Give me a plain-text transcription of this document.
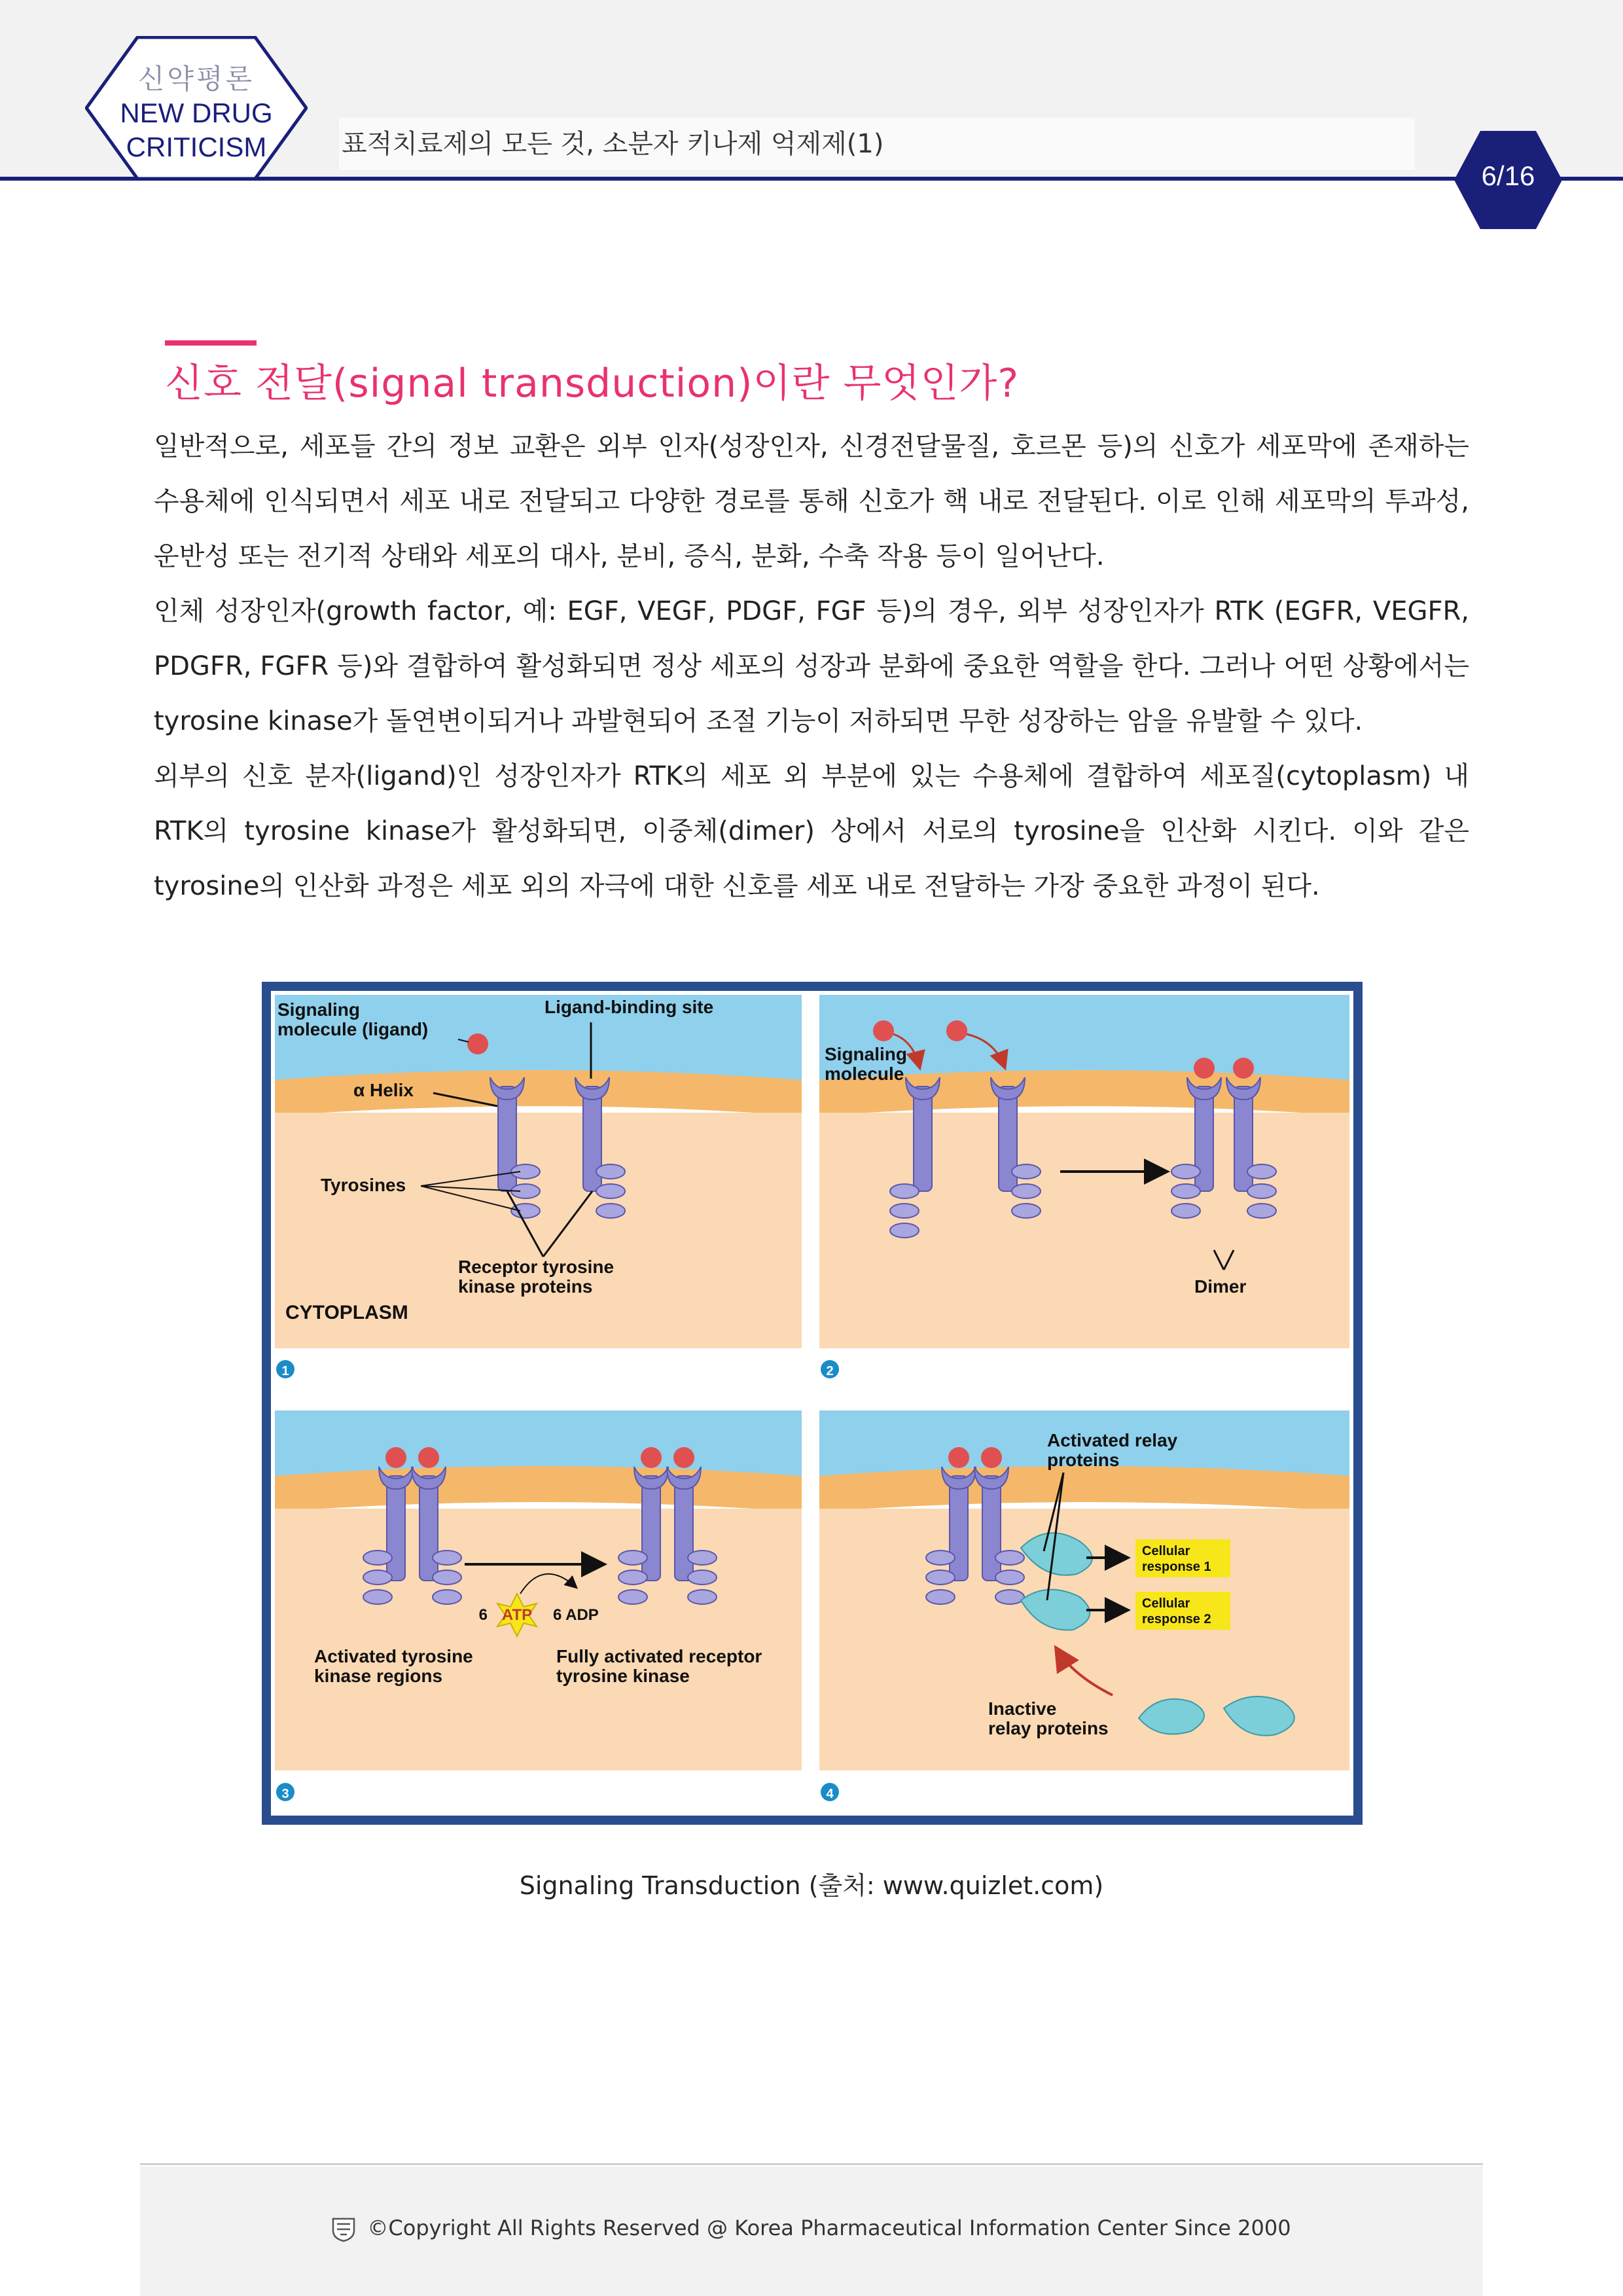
신약평론
NEW DRUG
CRITICISM	표적치료제의 모든 것, 소분자 키나제 억제제(1)
6/16
신호 전달(signal transduction)이란 무엇인가?

일반적으로, 세포들 간의 정보 교환은 외부 인자(성장인자, 신경전달물질, 호르몬 등)의 신호가 세포막에 존재하는 수용체에 인식되면서 세포 내로 전달되고 다양한 경로를 통해 신호가 핵 내로 전달된다. 이로 인해 세포막의 투과성, 운반성 또는 전기적 상태와 세포의 대사, 분비, 증식, 분화, 수축 작용 등이 일어난다.

인체 성장인자(growth factor, 예: EGF, VEGF, PDGF, FGF 등)의 경우, 외부 성장인자가 RTK (EGFR, VEGFR, PDGFR, FGFR 등)와 결합하여 활성화되면 정상 세포의 성장과 분화에 중요한 역할을 한다. 그러나 어떤 상황에서는 tyrosine kinase가 돌연변이되거나 과발현되어 조절 기능이 저하되면 무한 성장하는 암을 유발할 수 있다.

외부의 신호 분자(ligand)인 성장인자가 RTK의 세포 외 부분에 있는 수용체에 결합하여 세포질(cytoplasm) 내 RTK의 tyrosine kinase가 활성화되면, 이중체(dimer) 상에서 서로의 tyrosine을 인산화 시킨다. 이와 같은 tyrosine의 인산화 과정은 세포 외의 자극에 대한 신호를 세포 내로 전달하는 가장 중요한 과정이 된다.

Signaling
molecule (ligand)
Ligand-binding site
α Helix
Tyrosines
Receptor tyrosine
kinase proteins
CYTOPLASM
1
Signaling
molecule
Dimer
2
ATP
6	6 ADP
Activated tyrosine
kinase regions
Fully activated receptor
tyrosine kinase
3
Cellular
response 1
Cellular
response 2
Activated relay
proteins
Inactive
relay proteins
4
Signaling Transduction (출처: www.quizlet.com)
©Copyright All Rights Reserved @ Korea Pharmaceutical Information Center Since 2000
